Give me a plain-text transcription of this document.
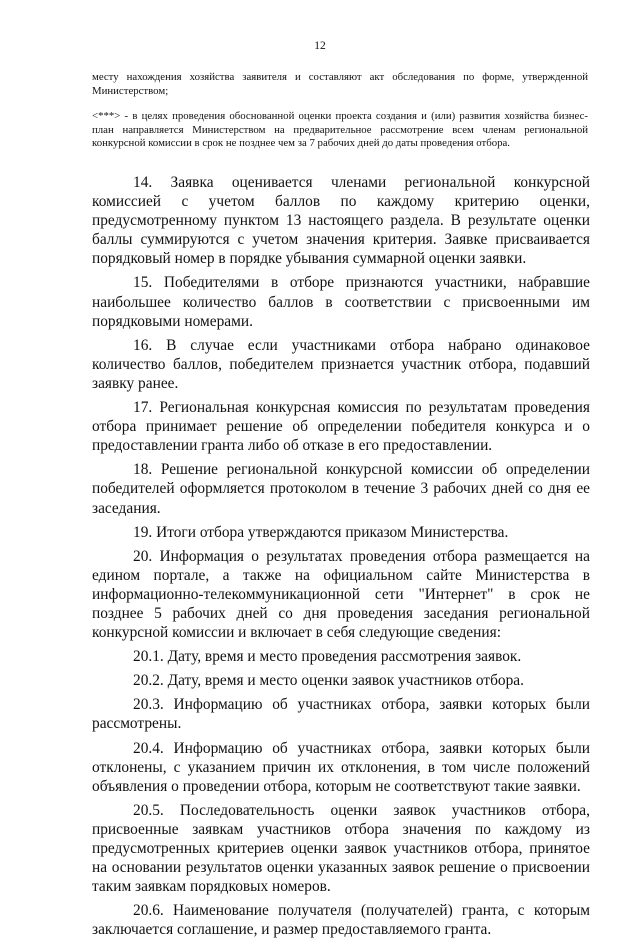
12

месту нахождения хозяйства заявителя и составляют акт обследования по форме, утвержденной Министерством;

<***> - в целях проведения обоснованной оценки проекта создания и (или) развития хозяйства бизнес-план направляется Министерством на предварительное рассмотрение всем членам региональной конкурсной комиссии в срок не позднее чем за 7 рабочих дней до даты проведения отбора.

14. Заявка оценивается членами региональной конкурсной комиссией с учетом баллов по каждому критерию оценки, предусмотренному пунктом 13 настоящего раздела. В результате оценки баллы суммируются с учетом значения критерия. Заявке присваивается порядковый номер в порядке убывания суммарной оценки заявки.

15. Победителями в отборе признаются участники, набравшие наибольшее количество баллов в соответствии с присвоенными им порядковыми номерами.

16. В случае если участниками отбора набрано одинаковое количество баллов, победителем признается участник отбора, подавший заявку ранее.

17. Региональная конкурсная комиссия по результатам проведения отбора принимает решение об определении победителя конкурса и о предоставлении гранта либо об отказе в его предоставлении.

18. Решение региональной конкурсной комиссии об определении победителей оформляется протоколом в течение 3 рабочих дней со дня ее заседания.

19. Итоги отбора утверждаются приказом Министерства.

20. Информация о результатах проведения отбора размещается на едином портале, а также на официальном сайте Министерства в информационно-телекоммуникационной сети "Интернет" в срок не позднее 5 рабочих дней со дня проведения заседания региональной конкурсной комиссии и включает в себя следующие сведения:

20.1. Дату, время и место проведения рассмотрения заявок.

20.2. Дату, время и место оценки заявок участников отбора.

20.3. Информацию об участниках отбора, заявки которых были рассмотрены.

20.4. Информацию об участниках отбора, заявки которых были отклонены, с указанием причин их отклонения, в том числе положений объявления о проведении отбора, которым не соответствуют такие заявки.

20.5. Последовательность оценки заявок участников отбора, присвоенные заявкам участников отбора значения по каждому из предусмотренных критериев оценки заявок участников отбора, принятое на основании результатов оценки указанных заявок решение о присвоении таким заявкам порядковых номеров.

20.6. Наименование получателя (получателей) гранта, с которым заключается соглашение, и размер предоставляемого гранта.
